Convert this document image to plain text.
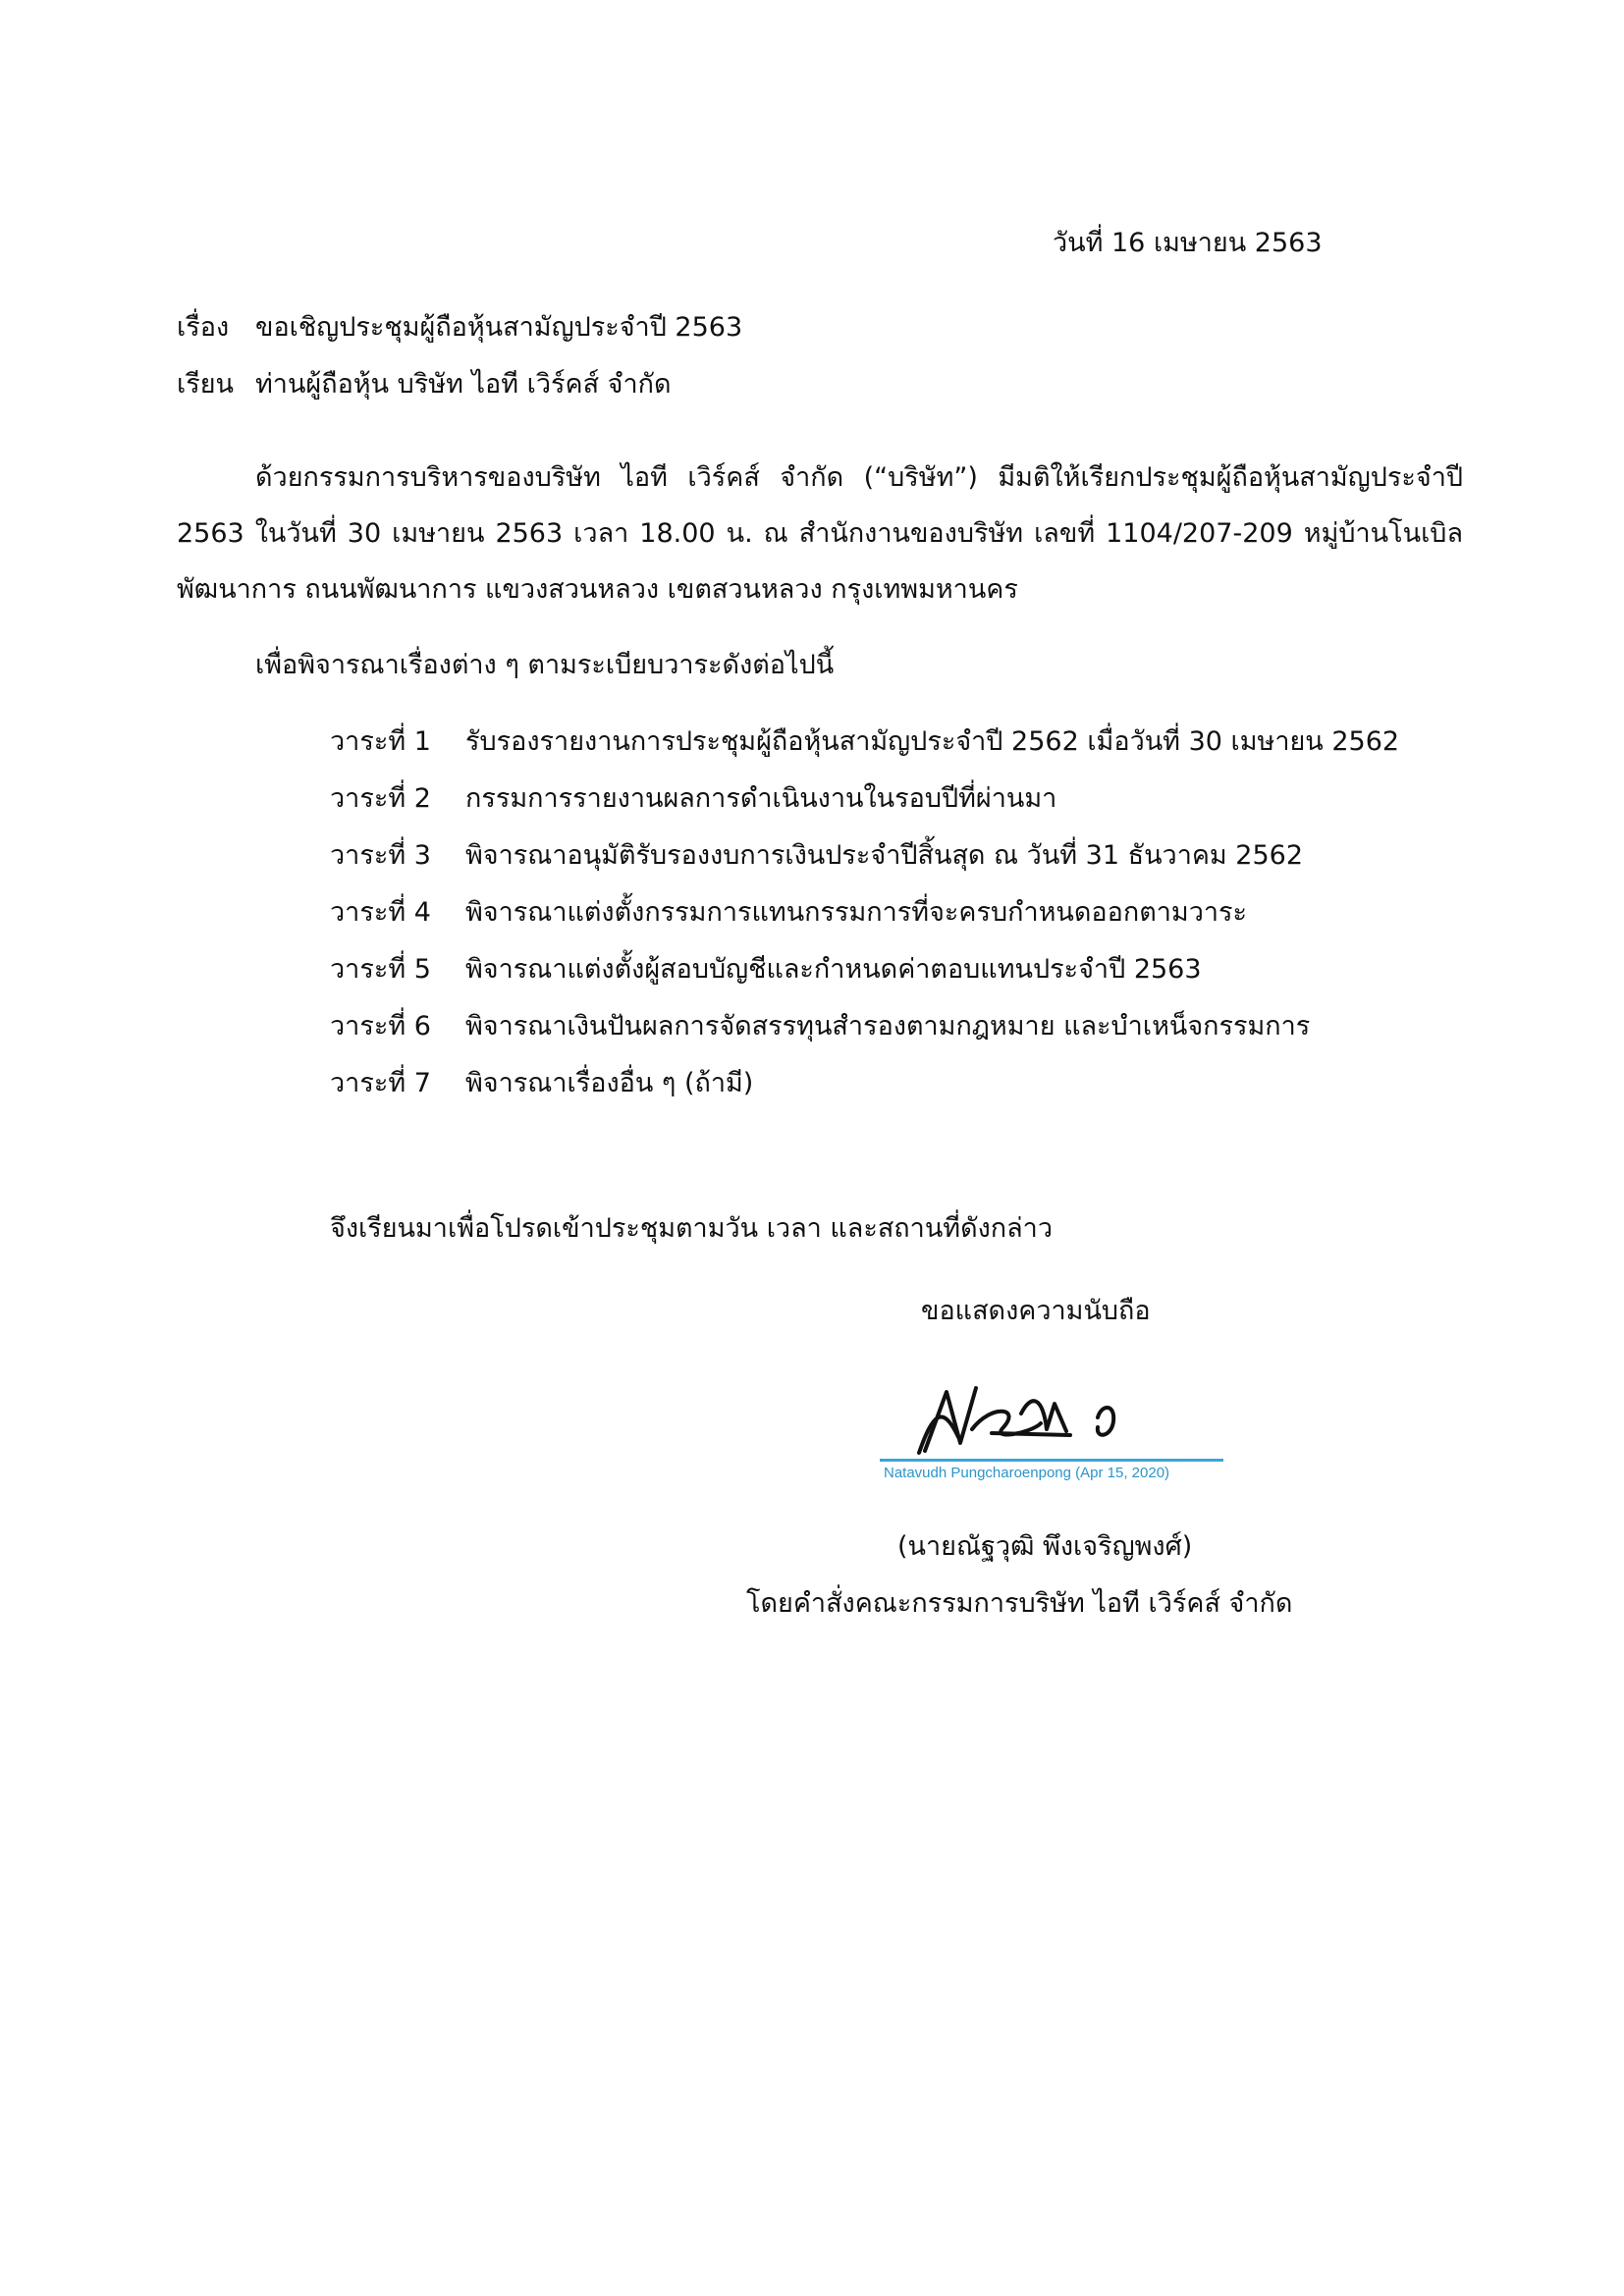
วันที่ 16 เมษายน 2563

เรื่อง ขอเชิญประชุมผู้ถือหุ้นสามัญประจำปี 2563

เรียน ท่านผู้ถือหุ้น บริษัท ไอที เวิร์คส์ จำกัด

ด้วยกรรมการบริหารของบริษัท ไอที เวิร์คส์ จำกัด (“บริษัท”) มีมติให้เรียกประชุมผู้ถือหุ้นสามัญประจำปี 2563 ในวันที่ 30 เมษายน 2563 เวลา 18.00 น. ณ สำนักงานของบริษัท เลขที่ 1104/207-209 หมู่บ้านโนเบิลพัฒนาการ ถนนพัฒนาการ แขวงสวนหลวง เขตสวนหลวง กรุงเทพมหานคร

เพื่อพิจารณาเรื่องต่าง ๆ ตามระเบียบวาระดังต่อไปนี้

วาระที่ 1	รับรองรายงานการประชุมผู้ถือหุ้นสามัญประจำปี 2562 เมื่อวันที่ 30 เมษายน 2562
วาระที่ 2	กรรมการรายงานผลการดำเนินงานในรอบปีที่ผ่านมา
วาระที่ 3	พิจารณาอนุมัติรับรองงบการเงินประจำปีสิ้นสุด ณ วันที่ 31 ธันวาคม 2562
วาระที่ 4	พิจารณาแต่งตั้งกรรมการแทนกรรมการที่จะครบกำหนดออกตามวาระ
วาระที่ 5	พิจารณาแต่งตั้งผู้สอบบัญชีและกำหนดค่าตอบแทนประจำปี 2563
วาระที่ 6	พิจารณาเงินปันผลการจัดสรรทุนสำรองตามกฎหมาย และบำเหน็จกรรมการ
วาระที่ 7	พิจารณาเรื่องอื่น ๆ (ถ้ามี)

จึงเรียนมาเพื่อโปรดเข้าประชุมตามวัน เวลา และสถานที่ดังกล่าว

ขอแสดงความนับถือ

Natavudh Pungcharoenpong (Apr 15, 2020)

(นายณัฐวุฒิ พึงเจริญพงศ์)

โดยคำสั่งคณะกรรมการบริษัท ไอที เวิร์คส์ จำกัด
